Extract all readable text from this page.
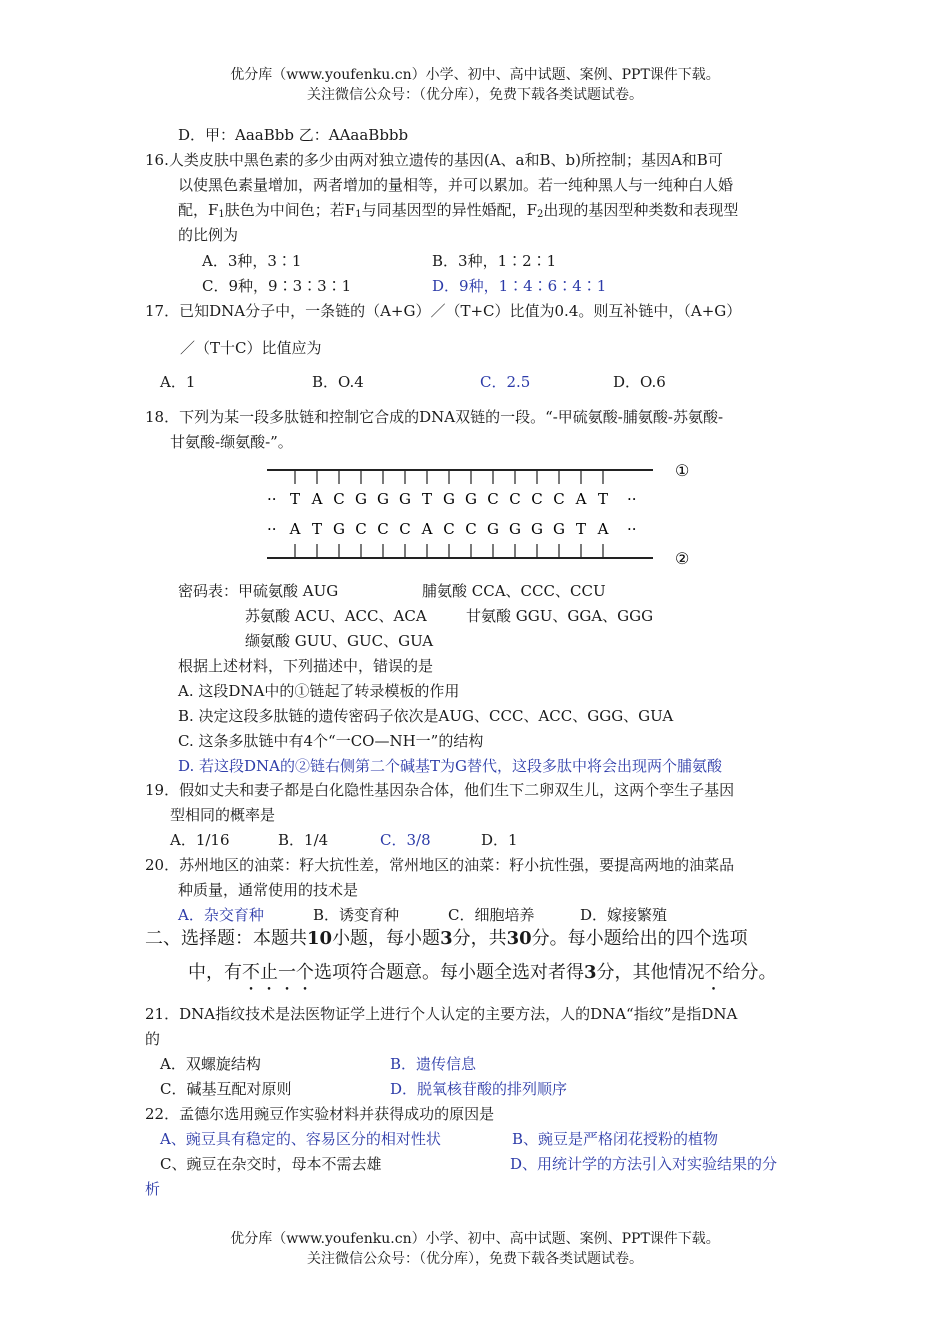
优分库（www.youfenku.cn）小学、初中、高中试题、案例、PPT课件下载。
关注微信公众号：（优分库），免费下载各类试题试卷。
D．甲：AaaBbb 乙：AAaaBbbb
16.人类皮肤中黑色素的多少由两对独立遗传的基因(A、a和B、b)所控制；基因A和B可
以使黑色素量增加，两者增加的量相等，并可以累加。若一纯种黑人与一纯种白人婚
配，$F_1$肤色为中间色；若$F_1$与同基因型的异性婚配，$F_2$出现的基因型种类数和表现型
的比例为
A．3种，3∶1	B．3种，1∶2∶1
C．9种，9∶3∶3∶1	D．9种，1∶4∶6∶4∶1
17．已知DNA分子中，一条链的（A+G）／（T+C）比值为0.4。则互补链中，（A+G）
／（T十C）比值应为
A．1	B．O.4	C．2.5	D．O.6
18．下列为某一段多肽链和控制它合成的DNA双链的一段。“-甲硫氨酸-脯氨酸-苏氨酸-
甘氨酸-缬氨酸-”。
··	··
··	··
T A C G G G T G G C C C C A T
A T G C C C A C C G G G G T A
①
②
密码表：甲硫氨酸 AUG	脯氨酸 CCA、CCC、CCU
苏氨酸 ACU、ACC、ACA	甘氨酸 GGU、GGA、GGG
缬氨酸 GUU、GUC、GUA
根据上述材料，下列描述中，错误的是
A. 这段DNA中的①链起了转录模板的作用
B. 决定这段多肽链的遗传密码子依次是AUG、CCC、ACC、GGG、GUA
C. 这条多肽链中有4个“一CO—NH一”的结构
D. 若这段DNA的②链右侧第二个碱基T为G替代，这段多肽中将会出现两个脯氨酸
19．假如丈夫和妻子都是白化隐性基因杂合体，他们生下二卵双生儿，这两个孪生子基因
型相同的概率是
A．1/16	B．1/4	C．3/8	D．1
20．苏州地区的油菜：籽大抗性差，常州地区的油菜：籽小抗性强，要提高两地的油菜品
种质量，通常使用的技术是
A．杂交育种	B．诱变育种	C．细胞培养	D．嫁接繁殖
二、选择题：本题共10小题，每小题3分，共30分。每小题给出的四个选项
中，有不止一个选项符合题意。每小题全选对者得3分，其他情况不给分。
21．DNA指纹技术是法医物证学上进行个人认定的主要方法，人的DNA“指纹”是指DNA
的
A．双螺旋结构	B．遗传信息
C．碱基互配对原则	D．脱氧核苷酸的排列顺序
22．孟德尔选用豌豆作实验材料并获得成功的原因是
A、豌豆具有稳定的、容易区分的相对性状	B、豌豆是严格闭花授粉的植物
C、豌豆在杂交时，母本不需去雄	D、用统计学的方法引入对实验结果的分
析
优分库（www.youfenku.cn）小学、初中、高中试题、案例、PPT课件下载。
关注微信公众号：（优分库），免费下载各类试题试卷。
